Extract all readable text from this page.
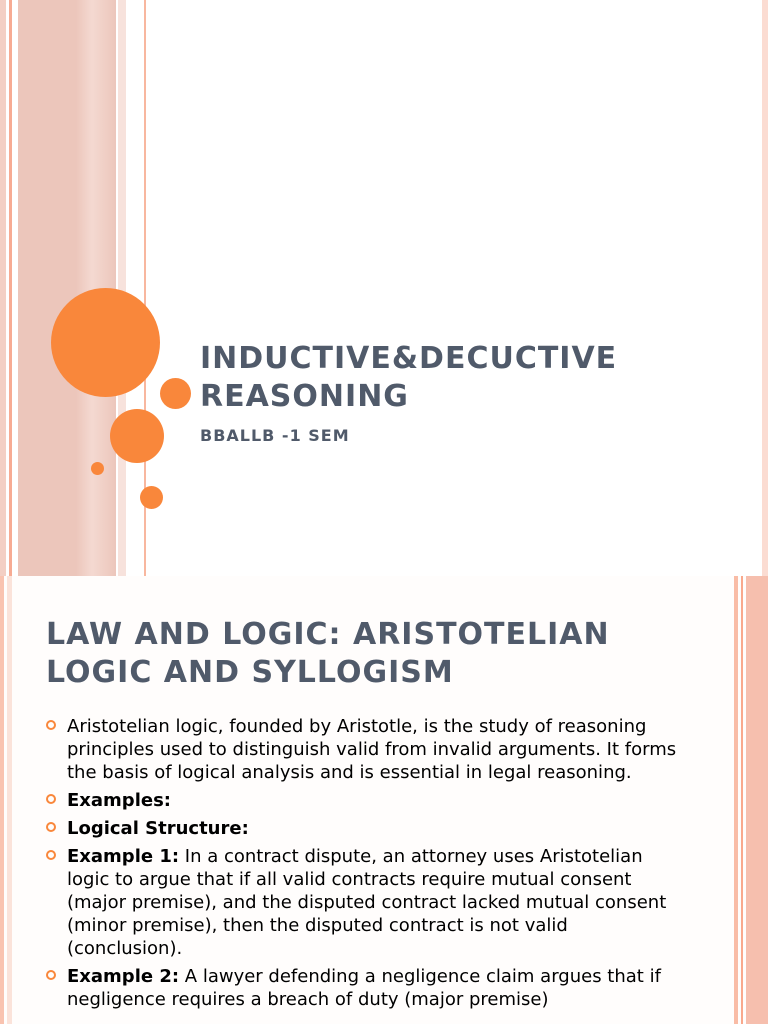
INDUCTIVE&DECUCTIVE REASONING
BBALLB -1 SEM
LAW AND LOGIC: ARISTOTELIAN LOGIC AND SYLLOGISM
Aristotelian logic, founded by Aristotle, is the study of reasoning principles used to distinguish valid from invalid arguments. It forms the basis of logical analysis and is essential in legal reasoning.
Examples:
Logical Structure:
Example 1: In a contract dispute, an attorney uses Aristotelian logic to argue that if all valid contracts require mutual consent (major premise), and the disputed contract lacked mutual consent (minor premise), then the disputed contract is not valid (conclusion).
Example 2: A lawyer defending a negligence claim argues that if negligence requires a breach of duty (major premise)
